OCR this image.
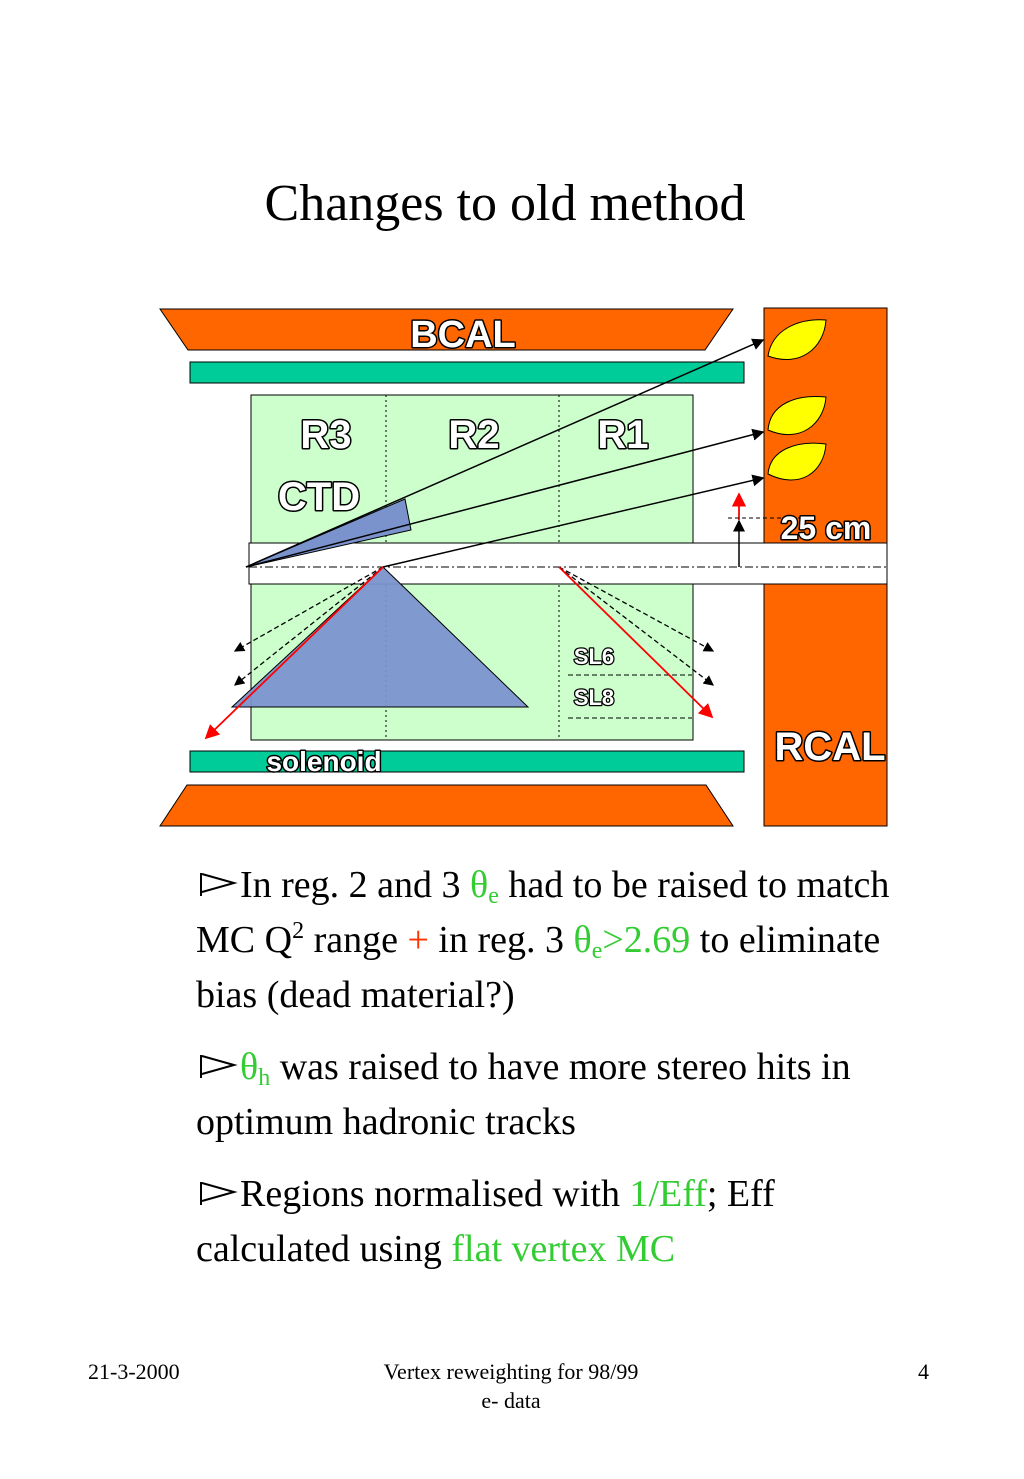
Changes to old method
BCAL
R3 R2 R1
CTD
25 cm
SL6
SL8
RCAL
solenoid
In reg. 2 and 3 $\theta_e$ had to be raised to match MC $Q^2$ range + in reg. 3 $\theta_e>2.69$ to eliminate bias (dead material?)
$\theta_h$ was raised to have more stereo hits in optimum hadronic tracks
Regions normalised with 1/Eff; Eff calculated using flat vertex MC
21-3-2000	Vertex reweighting for 98/99 e- data
4
